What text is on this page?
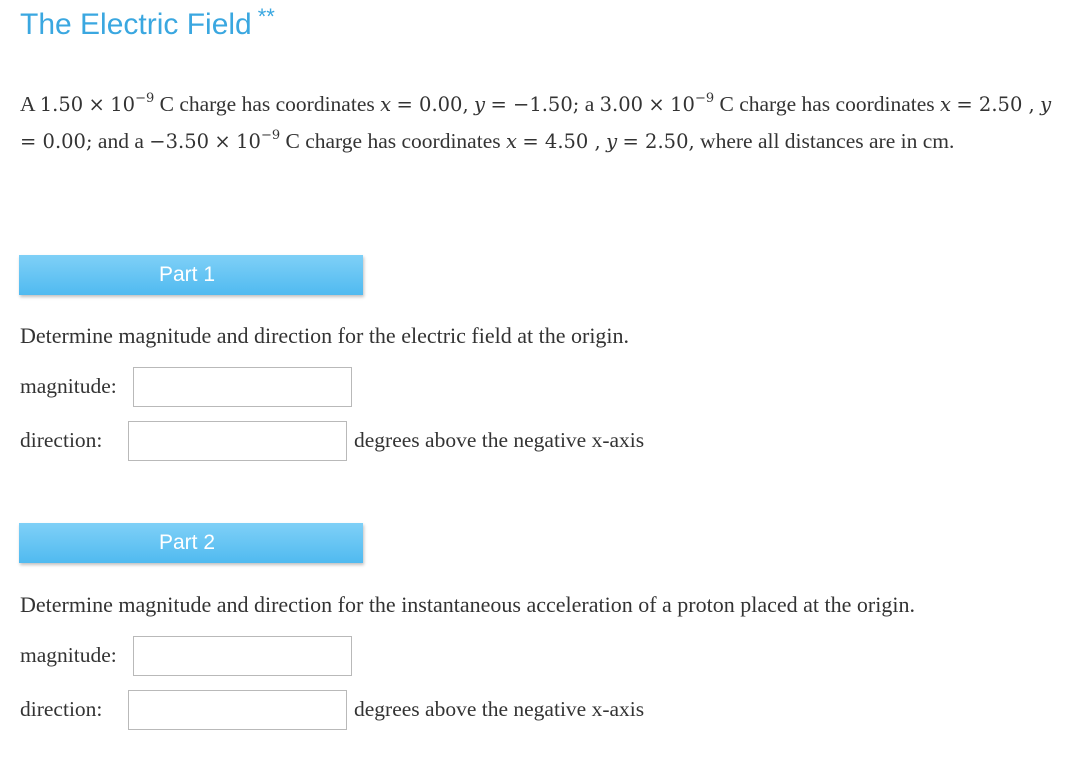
The Electric Field **

A $1.50 \times 10^{-9}$ C charge has coordinates x = 0.00, y = −1.50; a $3.00 \times 10^{-9}$ C charge has coordinates x = 2.50 , y = 0.00; and $a -3.50 \times 10^{-9}$ C charge has coordinates x = 4.50 , y = 2.50, where all distances are in cm.

Part 1
Determine magnitude and direction for the electric field at the origin.
magnitude:
direction:	degrees above the negative x-axis
Part 2
Determine magnitude and direction for the instantaneous acceleration of a proton placed at the origin.
magnitude:
direction:	degrees above the negative x-axis
